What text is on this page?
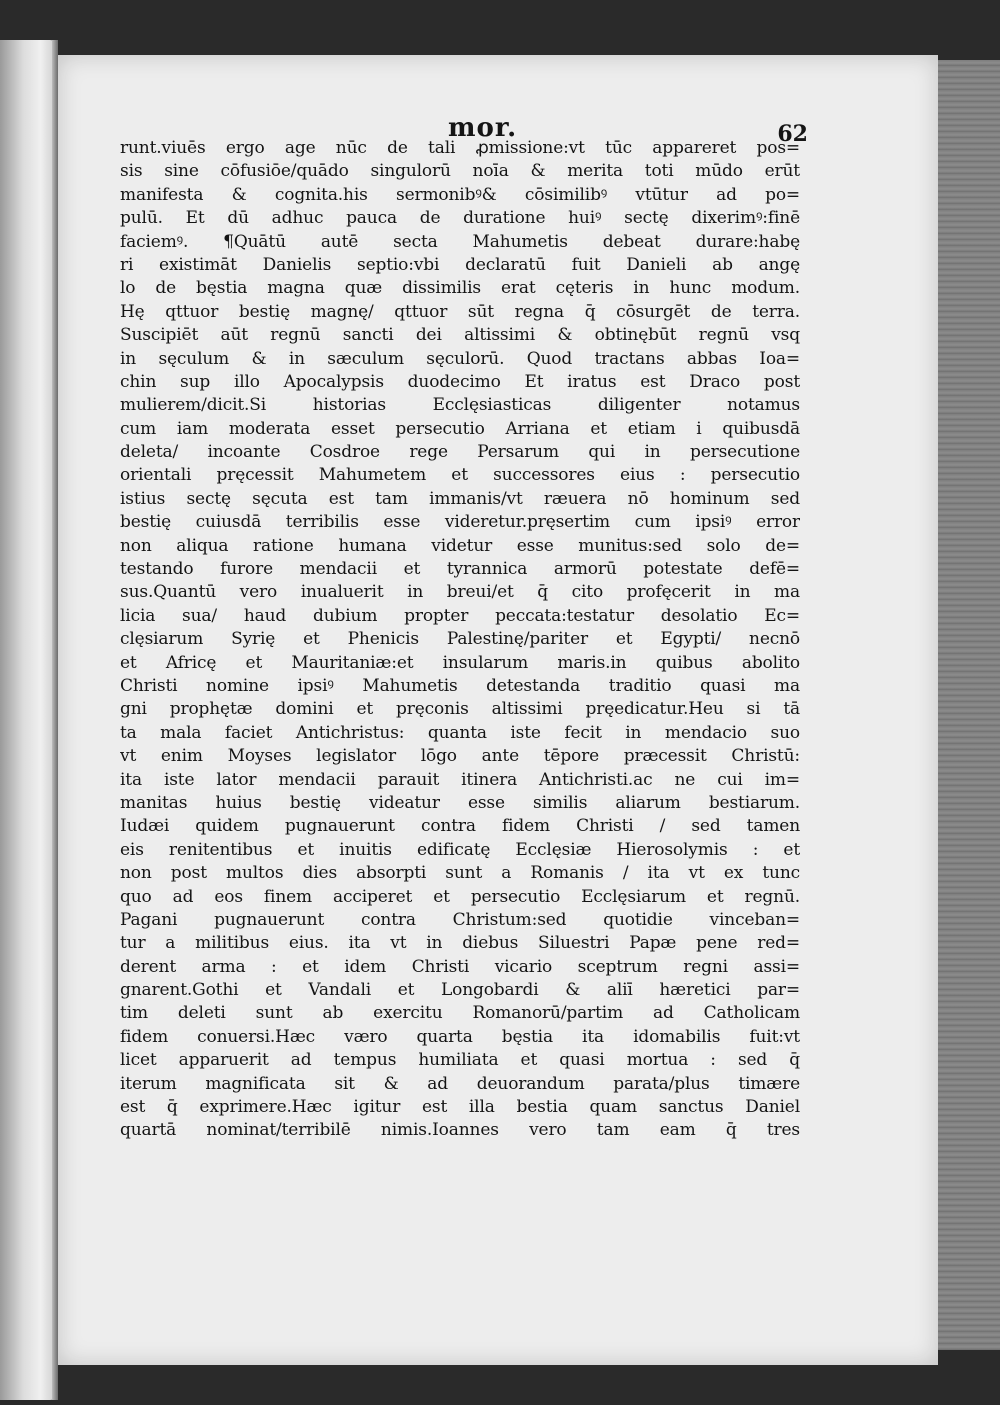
mor.	62
runt.viuēs ergo age nūc de tali ꝓmissione:vt tūc appareret pos=
sis sine cōfusiōe/quādo singulorū noīa & merita toti mūdo erūt
manifesta & cognita.his sermonibꝰ& cōsimilibꝰ vtūtur ad po=
pulū. Et dū adhuc pauca de duratione huiꝰ sectę dixerimꝰ:finē
faciemꝰ. ¶Quātū autē secta Mahumetis debeat durare:habę
ri existimāt Danielis septio:vbi declaratū fuit Danieli ab angę
lo de bęstia magna quæ dissimilis erat cęteris in hunc modum.
Hę qttuor bestię magnę/ qttuor sūt regna q̄ cōsurgēt de terra.
Suscipiēt aūt regnū sancti dei altissimi & obtinębūt regnū vsq
in sęculum & in sæculum sęculorū. Quod tractans abbas Ioa=
chin sup illo Apocalypsis duodecimo Et iratus est Draco post
mulierem/dicit.Si historias Ecclęsiasticas diligenter notamus
cum iam moderata esset persecutio Arriana et etiam i quibusdā
deleta/ incoante Cosdroe rege Persarum qui in persecutione
orientali pręcessit Mahumetem et successores eius : persecutio
istius sectę sęcuta est tam immanis/vt ræuera nō hominum sed
bestię cuiusdā terribilis esse videretur.pręsertim cum ipsiꝰ error
non aliqua ratione humana videtur esse munitus:sed solo de=
testando furore mendacii et tyrannica armorū potestate defē=
sus.Quantū vero inualuerit in breui/et q̄ cito profęcerit in ma
licia sua/ haud dubium propter peccata:testatur desolatio Ec=
clęsiarum Syrię et Phenicis Palestinę/pariter et Egypti/ necnō
et Africę et Mauritaniæ:et insularum maris.in quibus abolito
Christi nomine ipsiꝰ Mahumetis detestanda traditio quasi ma
gni prophętæ domini et pręconis altissimi pręedicatur.Heu si tā
ta mala faciet Antichristus: quanta iste fecit in mendacio suo
vt enim Moyses legislator lōgo ante tēpore præcessit Christū:
ita iste lator mendacii parauit itinera Antichristi.ac ne cui im=
manitas huius bestię videatur esse similis aliarum bestiarum.
Iudæi quidem pugnauerunt contra fidem Christi / sed tamen
eis renitentibus et inuitis edificatę Ecclęsiæ Hierosolymis : et
non post multos dies absorpti sunt a Romanis / ita vt ex tunc
quo ad eos finem acciperet et persecutio Ecclęsiarum et regnū.
Pagani pugnauerunt contra Christum:sed quotidie vinceban=
tur a militibus eius. ita vt in diebus Siluestri Papæ pene red=
derent arma : et idem Christi vicario sceptrum regni assi=
gnarent.Gothi et Vandali et Longobardi & aliī hæretici par=
tim deleti sunt ab exercitu Romanorū/partim ad Catholicam
fidem conuersi.Hæc væro quarta bęstia ita idomabilis fuit:vt
licet apparuerit ad tempus humiliata et quasi mortua : sed q̄
iterum magnificata sit & ad deuorandum parata/plus timære
est q̄ exprimere.Hæc igitur est illa bestia quam sanctus Daniel
quartā nominat/terribilē nimis.Ioannes vero tam eam q̄ tres
